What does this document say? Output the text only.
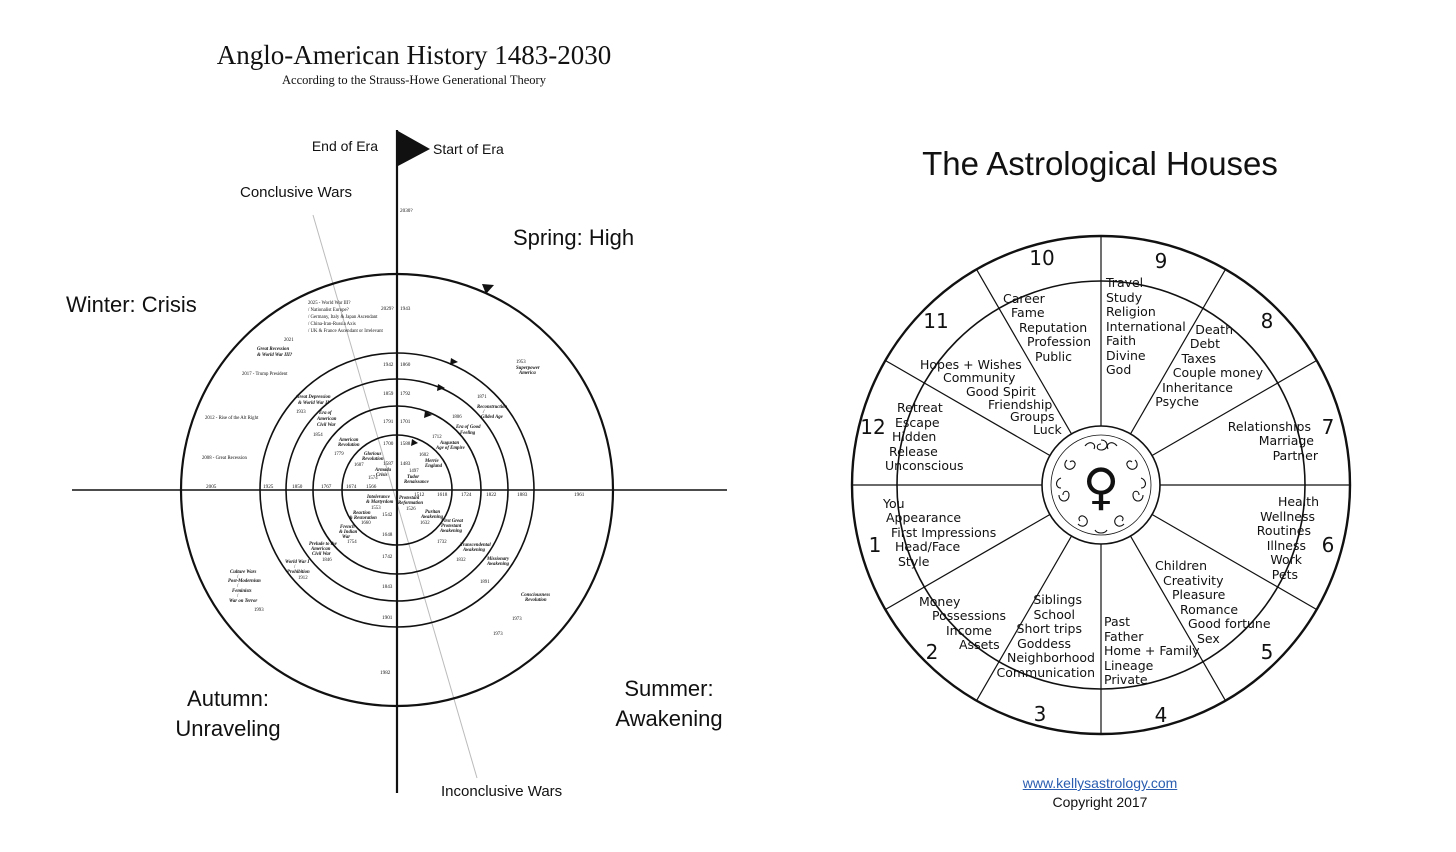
Anglo-American History 1483-2030
According to the Strauss-Howe Generational Theory
The Astrological Houses
End of Era	Start of Era
Conclusive Wars
Inconclusive Wars
Spring: High
Winter: Crisis
Autumn:
Unraveling
Summer:
Awakening
2030?
2029? 1943
1942 1860
1859 1792
1791 1701
1700 1588
1587 1483
2005	1925	1850	1767	1674 1566
1512 1618	1724	1822	1883	1961
1542
1648
1742
1843
1901
1982
2025 - World War III?
/ Nationalist Europe?
/ Germany, Italy & Japan Ascendant
/ China-Iran-Russia Axis
/ UK & France Ascendant or Irrelevant
2021
Great Recession
& World War III?
2017 - Trump President
2012 - Rise of the Alt Right
2008 - Great Recession
Great Depression
& World War II
1933	Era of
American
Civil War
1854
1779
American
Revolution
Glorious
Revolution
1687
Armada
Crisis
1574
1497
Tudor
Renaissance
1602
Merrie
England
1712
Augustan
Age of Empire
1806
Era of Good
Feeling
1871
Reconstruction
/
Gilded Age
1953
Superpower
America
Intolerance
& Martyrdom
1553
Protestant
Reformation
1526
Puritan
Awakening
1632
Reaction
& Restoration
1660	First Great
Protestant
Awakening
1732
French
& Indian
War
1754
Transcendental
Awakening
1832
Prelude to the
American
Civil War
1846	Missionary
Awakening
1891
World War I
/
Prohibition
1912
Consciousness
Revolution
1973
1973
Culture Wars
/
Post-Modernism
/
Feminists
/
War on Terror
1993
♀
1
2
3	4
5
6
7
8
9
10
11
12
You
Appearance
First Impressions
Head/Face
Style
Money
Possessions
Income
Assets
Siblings
School
Short trips
Goddess
Neighborhood
Communication
Past
Father
Home + Family
Lineage
Private
Children
Creativity
Pleasure
Romance
Good fortune
Sex
Health
Wellness
Routines
Illness
Work
Pets
Relationships
Marriage
Partner
Death
Debt
Taxes
Couple money
Inheritance
Psyche
Travel
Study
Religion
International
Faith
Divine
God
Career
Fame
Reputation
Profession
Public
Hopes + Wishes
Community
Good Spirit
Friendship
Groups
Luck
Retreat
Escape
Hidden
Release
Unconscious
www.kellysastrology.com
Copyright 2017
